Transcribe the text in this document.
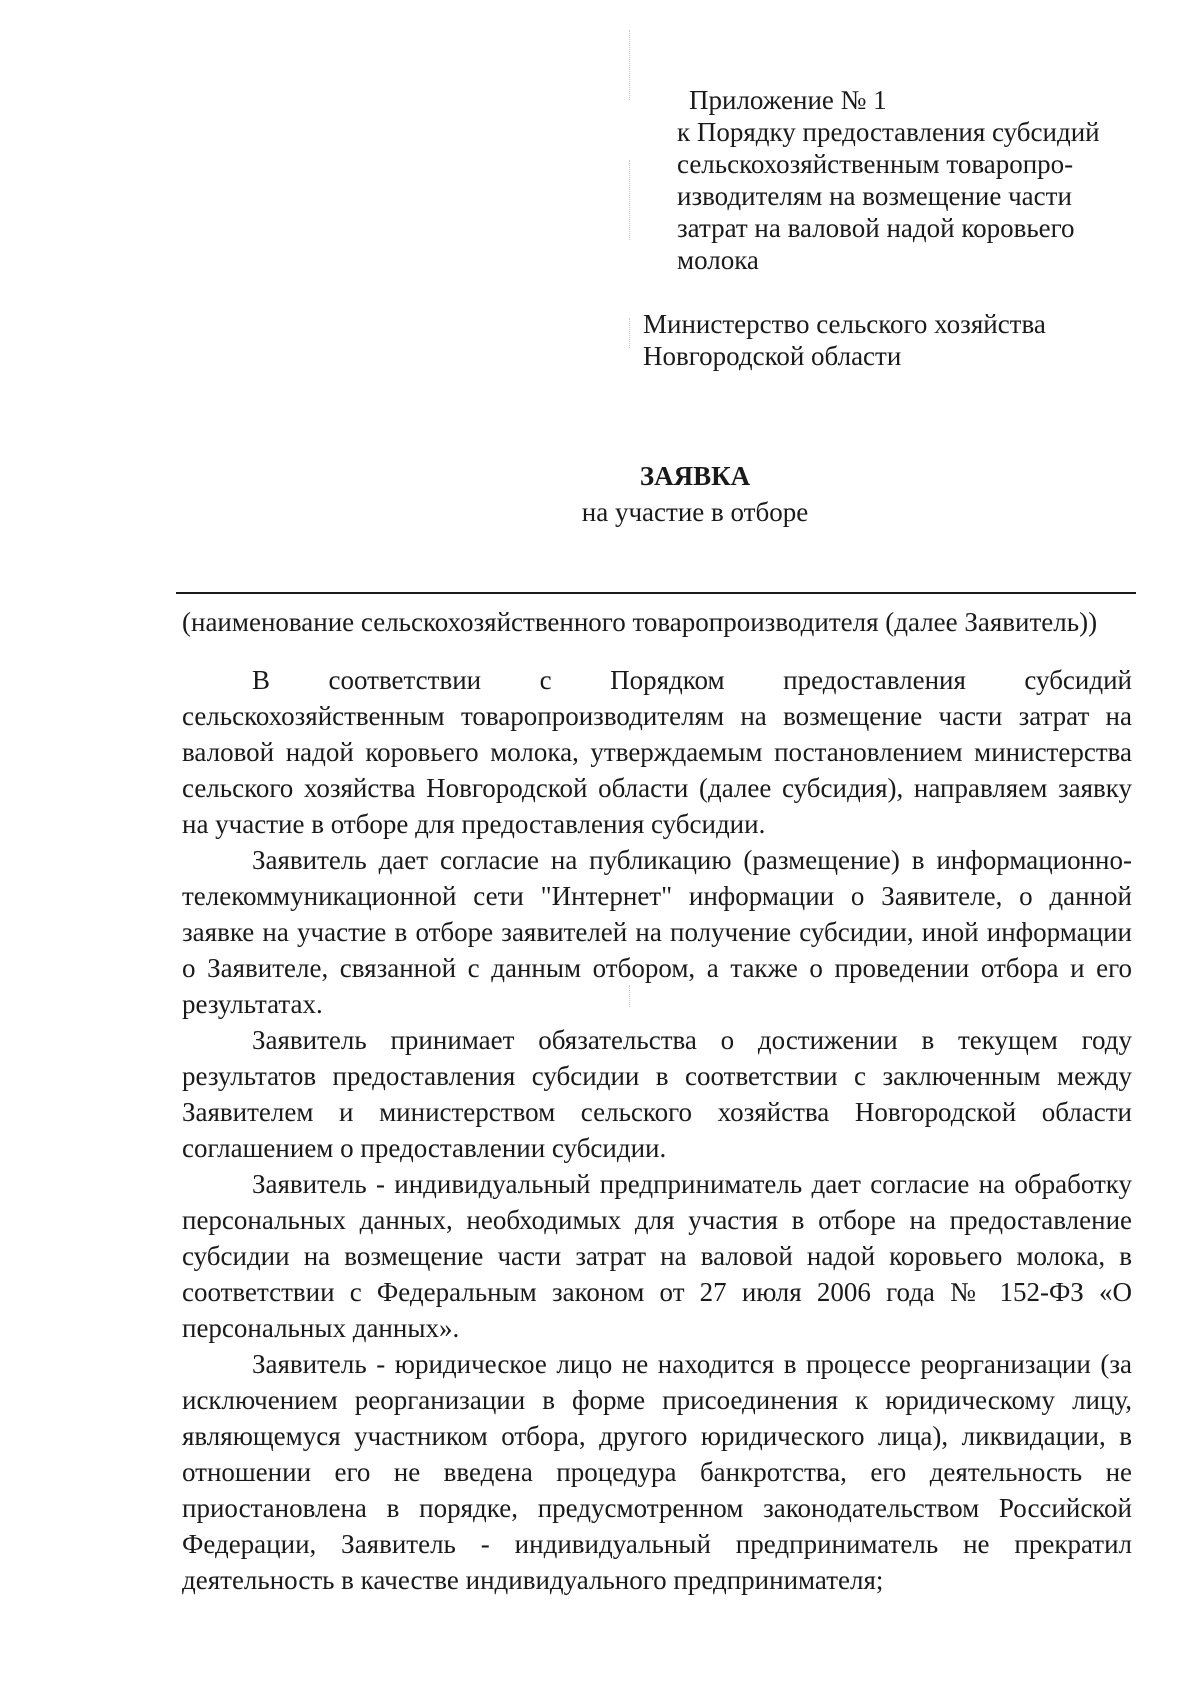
Приложение № 1
к Порядку предоставления субсидий
сельскохозяйственным товаропро-
изводителям на возмещение части
затрат на валовой надой коровьего
молока
Министерство сельского хозяйства
Новгородской области
ЗАЯВКА
на участие в отборе
(наименование сельскохозяйственного товаропроизводителя (далее Заявитель))

В соответствии с Порядком предоставления субсидий сельскохозяйственным товаропроизводителям на возмещение части затрат на валовой надой коровьего молока, утверждаемым постановлением министерства сельского хозяйства Новгородской области (далее субсидия), направляем заявку на участие в отборе для предоставления субсидии.

Заявитель дает согласие на публикацию (размещение) в информационно-телекоммуникационной сети "Интернет" информации о Заявителе, о данной заявке на участие в отборе заявителей на получение субсидии, иной информации о Заявителе, связанной с данным отбором, а также о проведении отбора и его результатах.

Заявитель принимает обязательства о достижении в текущем году результатов предоставления субсидии в соответствии с заключенным между Заявителем и министерством сельского хозяйства Новгородской области соглашением о предоставлении субсидии.

Заявитель - индивидуальный предприниматель дает согласие на обработку персональных данных, необходимых для участия в отборе на предоставление субсидии на возмещение части затрат на валовой надой коровьего молока, в соответствии с Федеральным законом от 27 июля 2006 года № 152-ФЗ «О персональных данных».

Заявитель - юридическое лицо не находится в процессе реорганизации (за исключением реорганизации в форме присоединения к юридическому лицу, являющемуся участником отбора, другого юридического лица), ликвидации, в отношении его не введена процедура банкротства, его деятельность не приостановлена в порядке, предусмотренном законодательством Российской Федерации, Заявитель - индивидуальный предприниматель не прекратил деятельность в качестве индивидуального предпринимателя;
